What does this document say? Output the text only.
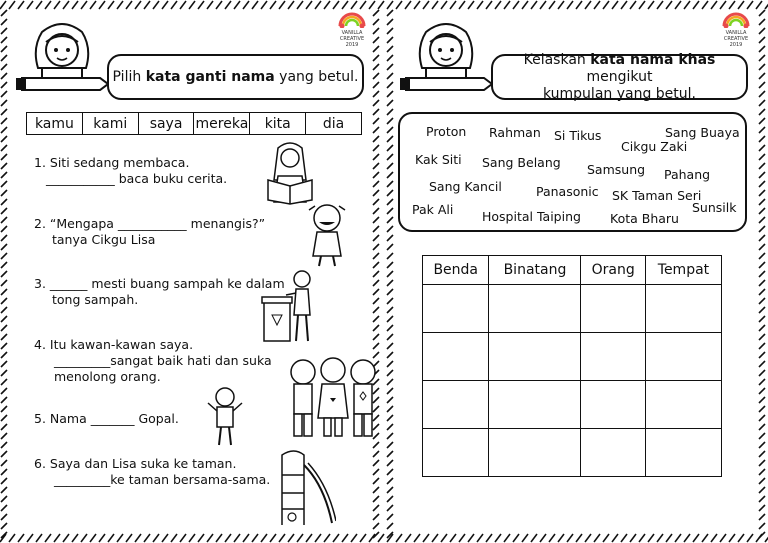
Pilih kata ganti nama yang betul.
VANILLA CREATIVE
2019
kamu	kami	saya mereka	kita	dia
1. Siti sedang membaca.
___________ baca buku cerita.
2. “Mengapa ___________ menangis?”
tanya Cikgu Lisa
3. ______ mesti buang sampah ke dalam
tong sampah.
4. Itu kawan-kawan saya.
_________sangat baik hati dan suka
menolong orang.
5. Nama _______ Gopal.
6. Saya dan Lisa suka ke taman.
_________ke taman bersama-sama.
Kelaskan kata nama khas mengikut
kumpulan yang betul.
VANILLA CREATIVE
2019
Proton Rahman Si Tikus	Sang Buaya
Cikgu Zaki
Kak Siti Sang Belang Samsung Pahang
Sang Kancil	Panasonic SK Taman Seri
Pak Ali Hospital Taiping Kota Bharu
Sunsilk
Benda	Binatang	Orang	Tempat
